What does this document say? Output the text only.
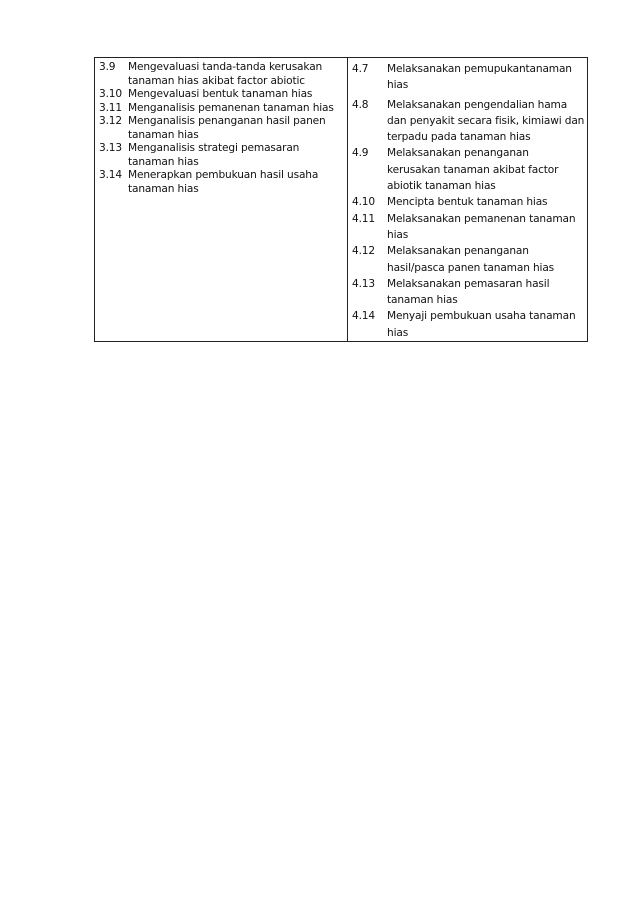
3.9	Mengevaluasi tanda-tanda kerusakan tanaman hias akibat factor abiotic
3.10 Mengevaluasi bentuk tanaman hias
3.11 Menganalisis pemanenan tanaman hias
3.12 Menganalisis penanganan hasil panen tanaman hias
3.13 Menganalisis strategi pemasaran tanaman hias
3.14 Menerapkan pembukuan hasil usaha tanaman hias

4.7	Melaksanakan pemupukantanaman hias
4.8	Melaksanakan pengendalian hama dan penyakit secara fisik, kimiawi dan terpadu pada tanaman hias
4.9	Melaksanakan penanganan kerusakan tanaman akibat factor abiotik tanaman hias
4.10	Mencipta bentuk tanaman hias
4.11	Melaksanakan pemanenan tanaman hias
4.12	Melaksanakan penanganan hasil/pasca panen tanaman hias
4.13	Melaksanakan pemasaran hasil tanaman hias
4.14	Menyaji pembukuan usaha tanaman hias
